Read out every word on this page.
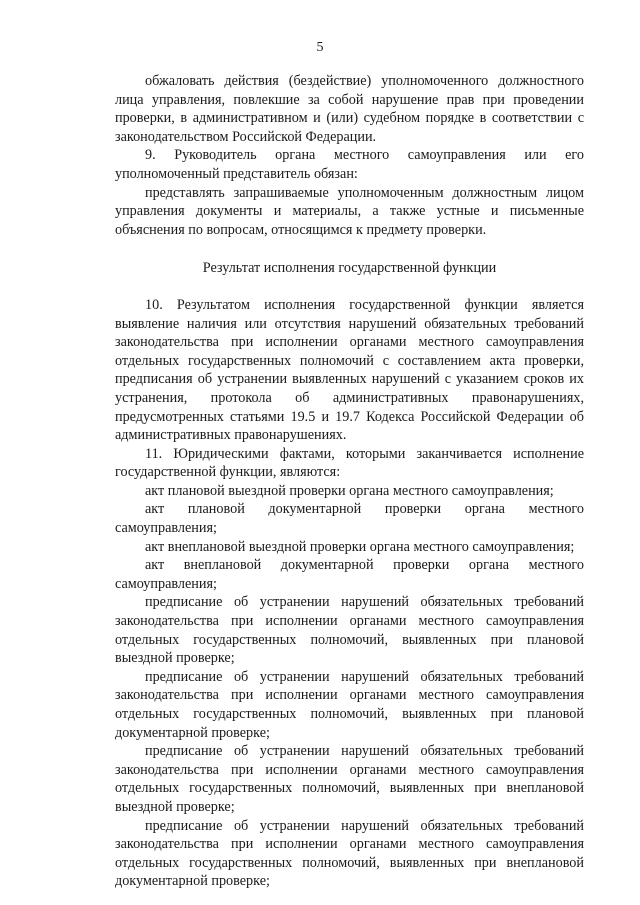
5

обжаловать действия (бездействие) уполномоченного должностного лица управления, повлекшие за собой нарушение прав при проведении проверки, в административном и (или) судебном порядке в соответствии с законодательством Российской Федерации.

9. Руководитель органа местного самоуправления или его уполномоченный представитель обязан:

представлять запрашиваемые уполномоченным должностным лицом управления документы и материалы, а также устные и письменные объяснения по вопросам, относящимся к предмету проверки.

Результат исполнения государственной функции

10. Результатом исполнения государственной функции является выявление наличия или отсутствия нарушений обязательных требований законодательства при исполнении органами местного самоуправления отдельных государственных полномочий с составлением акта проверки, предписания об устранении выявленных нарушений с указанием сроков их устранения, протокола об административных правонарушениях, предусмотренных статьями 19.5 и 19.7 Кодекса Российской Федерации об административных правонарушениях.

11. Юридическими фактами, которыми заканчивается исполнение государственной функции, являются:

акт плановой выездной проверки органа местного самоуправления;

акт плановой документарной проверки органа местного самоуправления;

акт внеплановой выездной проверки органа местного самоуправления;

акт внеплановой документарной проверки органа местного самоуправления;

предписание об устранении нарушений обязательных требований законодательства при исполнении органами местного самоуправления отдельных государственных полномочий, выявленных при плановой выездной проверке;

предписание об устранении нарушений обязательных требований законодательства при исполнении органами местного самоуправления отдельных государственных полномочий, выявленных при плановой документарной проверке;

предписание об устранении нарушений обязательных требований законодательства при исполнении органами местного самоуправления отдельных государственных полномочий, выявленных при внеплановой выездной проверке;

предписание об устранении нарушений обязательных требований законодательства при исполнении органами местного самоуправления отдельных государственных полномочий, выявленных при внеплановой документарной проверке;
